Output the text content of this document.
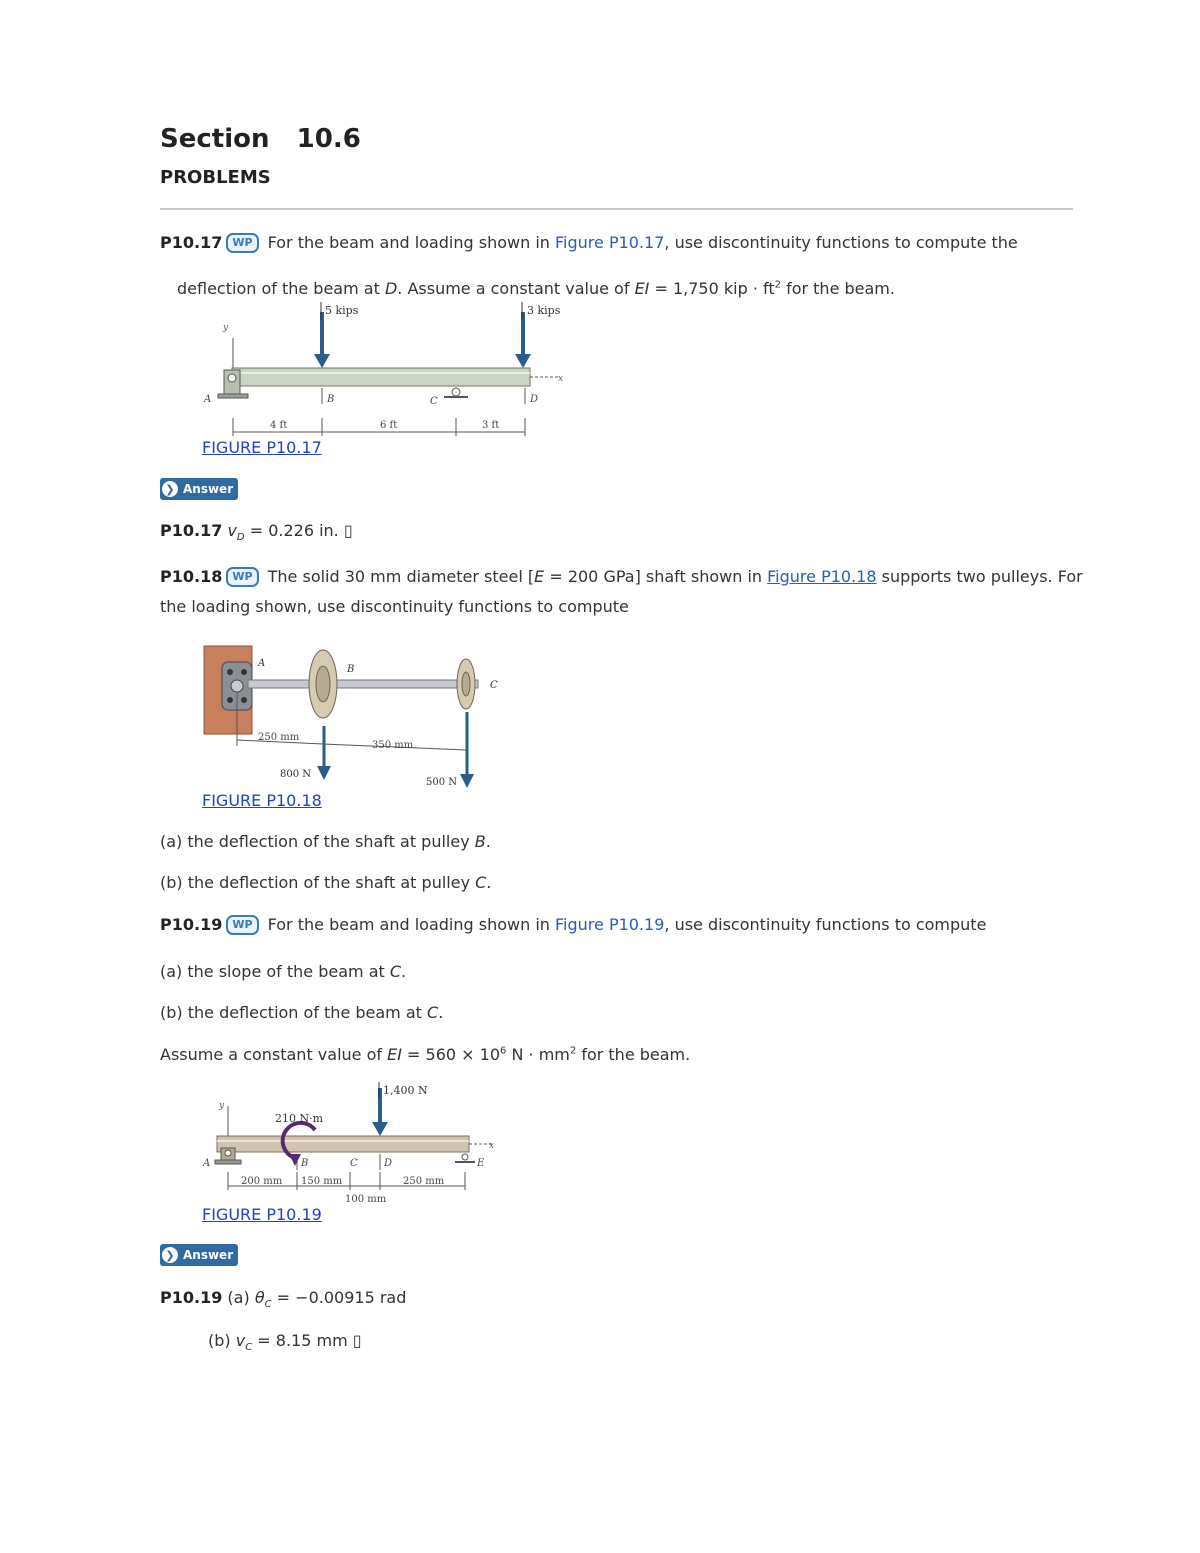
Section   10.6
PROBLEMS
P10.17 WP For the beam and loading shown in Figure P10.17, use discontinuity functions to compute the
deflection of the beam at D. Assume a constant value of EI = 1,750 kip · $ft^2$ for the beam.
y
x
A	C
B	D
5 kips	3 kips
4 ft	6 ft	3 ft
FIGURE P10.17
❯ Answer
P10.17 $v_D = 0.226$ in. ▯
P10.18 WP The solid 30 mm diameter steel [E = 200 GPa] shaft shown in Figure P10.18 supports two pulleys. For
the loading shown, use discontinuity functions to compute
A
B
C
250 mm
350 mm
800 N
500 N
FIGURE P10.18
(a) the deflection of the shaft at pulley B.
(b) the deflection of the shaft at pulley C.
P10.19 WP For the beam and loading shown in Figure P10.19, use discontinuity functions to compute
(a) the slope of the beam at C.
(b) the deflection of the beam at C.
Assume a constant value of EI = $560 \times 10^6$ $N \cdot mm^2$ for the beam.
y
x
A	E
B	C	D
1,400 N
210 N·m
200 mm 150 mm
100 mm
250 mm
FIGURE P10.19
❯ Answer
P10.19 (a) $\theta_C = -0.00915$ rad
(b) $v_C = 8.15$ mm ▯
